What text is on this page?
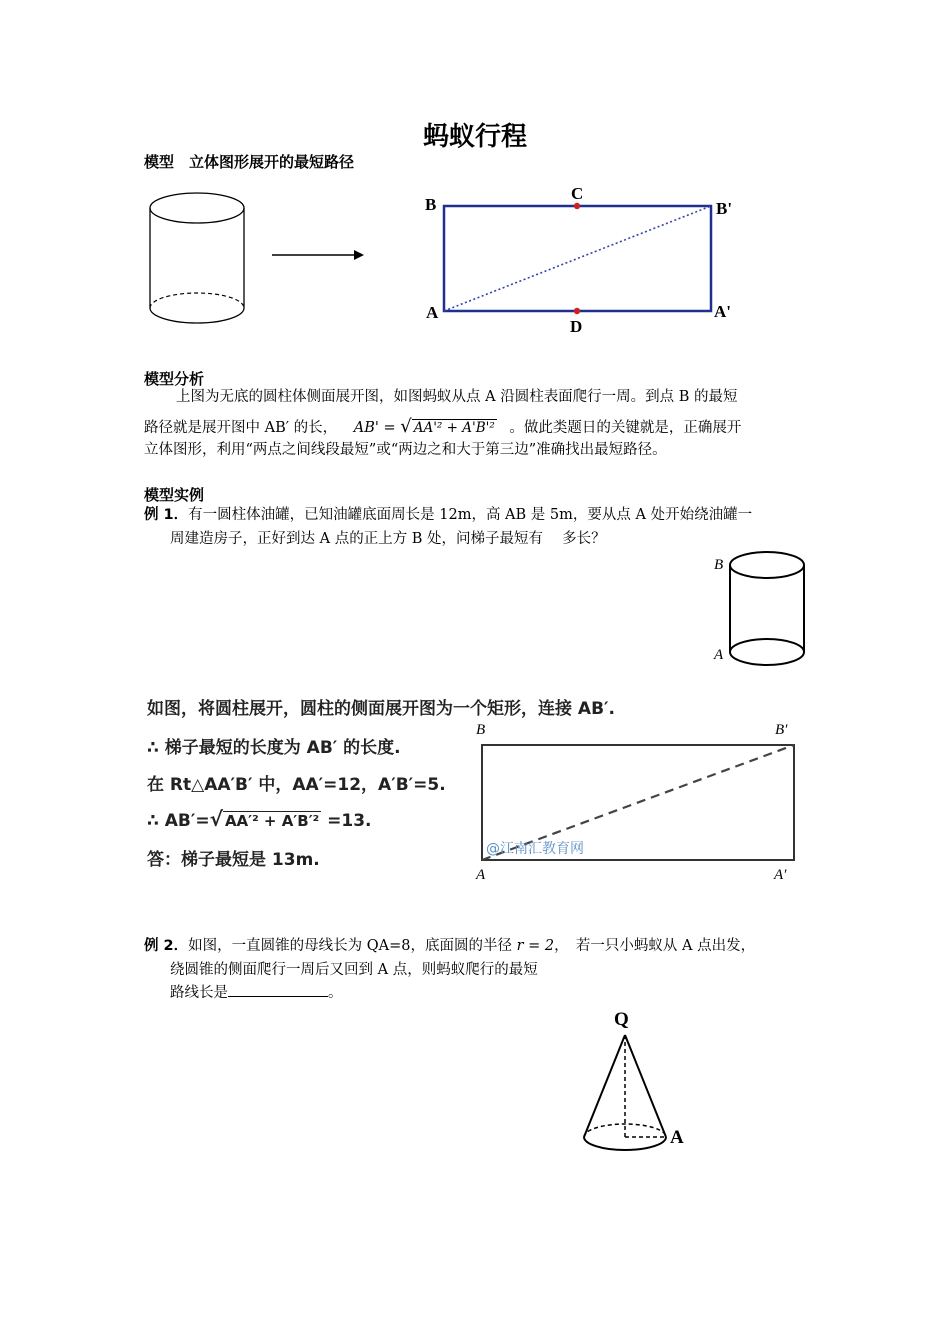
蚂蚁行程
模型　立体图形展开的最短路径
B
C
B'
A
D
A'
模型分析
上图为无底的圆柱体侧面展开图，如图蚂蚁从点 A 沿圆柱表面爬行一周。到点 B 的最短
路径就是展开图中 AB′ 的长， AB' = √ AA'² + A'B'² 。做此类题日的关键就是，正确展开
立体图形，利用“两点之间线段最短”或“两边之和大于第三边”准确找出最短路径。
模型实例
例 1．有一圆柱体油罐，已知油罐底面周长是 12m，高 AB 是 5m，要从点 A 处开始绕油罐一
周建造房子，正好到达 A 点的正上方 B 处，问梯子最短有　 多长？
B
A
如图，将圆柱展开，圆柱的侧面展开图为一个矩形，连接 AB′.
∴ 梯子最短的长度为 AB′ 的长度.
在 Rt△AA′B′ 中，AA′=12，A′B′=5.
∴ AB′=√ AA′² + A′B′² =13.
答：梯子最短是 13m.
B	B′
A	A′
@江南汇教育网
例 2．如图，一直圆锥的母线长为 QA=8，底面圆的半径 r = 2，　若一只小蚂蚁从 A 点出发，
绕圆锥的侧面爬行一周后又回到 A 点，则蚂蚁爬行的最短
路线长是	。
Q
A
